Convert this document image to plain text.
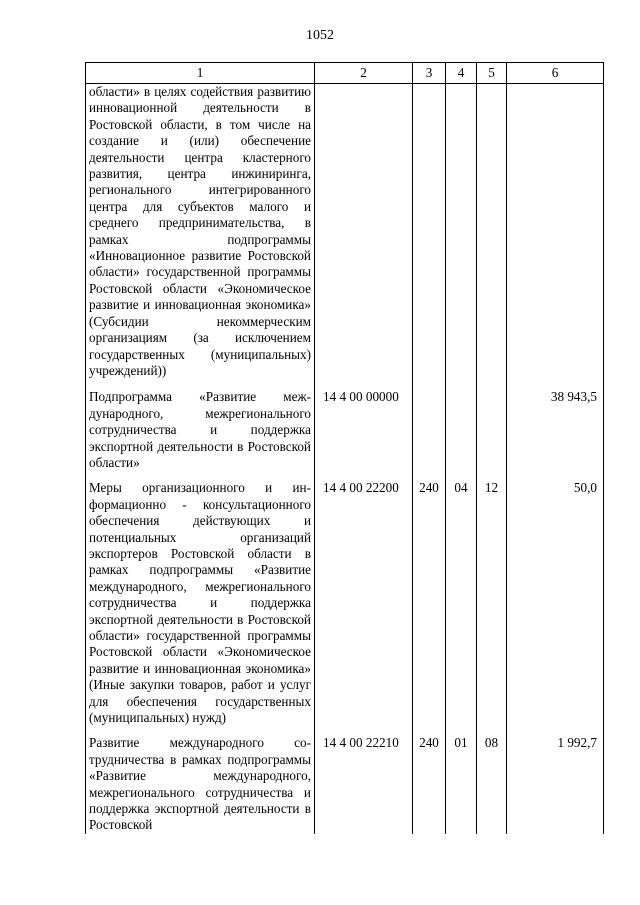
1052
1	2	3	4	5	6
области» в целях содействия развитию инновационной деятельности в Ростовской области, в том числе на создание и (или) обеспечение деятельности центра кластерного развития, центра инжиниринга, регионального интегрированного центра для субъектов малого и среднего предпринимательства, в рамках подпрограммы «Инновационное развитие Ростовской области» государственной программы Ростовской области «Экономическое развитие и инновационная экономика» (Субсидии некоммерческим организациям (за исключением государственных (муниципальных) учреждений))					
Подпрограмма «Развитие международного, межрегионального сотрудничества и поддержка экспортной деятельности в Ростовской области»	14 4 00 00000				38 943,5
Меры организационного и информационно - консультационного обеспечения действующих и потенциальных организаций экспортеров Ростовской области в рамках подпрограммы «Развитие международного, межрегионального сотрудничества и поддержка экспортной деятельности в Ростовской области» государственной программы Ростовской области «Экономическое развитие и инновационная экономика» (Иные закупки товаров, работ и услуг для обеспечения государственных (муниципальных) нужд)	14 4 00 22200	240	04	12	50,0
Развитие международного сотрудничества в рамках подпрограммы «Развитие международного, межрегионального сотрудничества и поддержка экспортной деятельности в Ростовской	14 4 00 22210	240	01	08	1 992,7
